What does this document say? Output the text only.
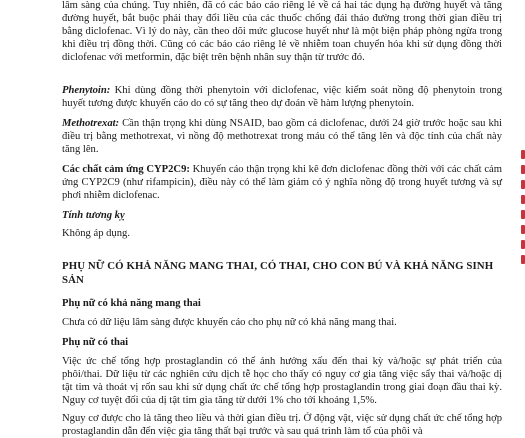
lâm sàng của chúng. Tuy nhiên, đã có các báo cáo riêng lẻ về cả hai tác dụng hạ đường huyết và tăng đường huyết, bắt buộc phải thay đổi liều của các thuốc chống đái tháo đường trong thời gian điều trị bằng diclofenac. Vì lý do này, cần theo dõi mức glucose huyết như là một biện pháp phòng ngừa trong khi điều trị đồng thời. Cũng có các báo cáo riêng lẻ về nhiễm toan chuyển hóa khi sử dụng đồng thời diclofenac với metformin, đặc biệt trên bệnh nhân suy thận từ trước đó.

Phenytoin: Khi dùng đồng thời phenytoin với diclofenac, việc kiểm soát nồng độ phenytoin trong huyết tương được khuyến cáo do có sự tăng theo dự đoán về hàm lượng phenytoin.

Methotrexat: Cần thận trọng khi dùng NSAID, bao gồm cả diclofenac, dưới 24 giờ trước hoặc sau khi điều trị bằng methotrexat, vì nồng độ methotrexat trong máu có thể tăng lên và độc tính của chất này tăng lên.

Các chất cảm ứng CYP2C9: Khuyến cáo thận trọng khi kê đơn diclofenac đồng thời với các chất cảm ứng CYP2C9 (như rifampicin), điều này có thể làm giảm có ý nghĩa nồng độ trong huyết tương và sự phơi nhiễm diclofenac.

Tính tương kỵ

Không áp dụng.

PHỤ NỮ CÓ KHẢ NĂNG MANG THAI, CÓ THAI, CHO CON BÚ VÀ KHẢ NĂNG SINH SẢN

Phụ nữ có khả năng mang thai

Chưa có dữ liệu lâm sàng được khuyến cáo cho phụ nữ có khả năng mang thai.

Phụ nữ có thai

Việc ức chế tổng hợp prostaglandin có thể ảnh hưởng xấu đến thai kỳ và/hoặc sự phát triển của phôi/thai. Dữ liệu từ các nghiên cứu dịch tễ học cho thấy có nguy cơ gia tăng việc sẩy thai và/hoặc dị tật tim và thoát vị rốn sau khi sử dụng chất ức chế tổng hợp prostaglandin trong giai đoạn đầu thai kỳ. Nguy cơ tuyệt đối của dị tật tim gia tăng từ dưới 1% cho tới khoảng 1,5%.

Nguy cơ được cho là tăng theo liều và thời gian điều trị. Ở động vật, việc sử dụng chất ức chế tổng hợp prostaglandin dẫn đến việc gia tăng thất bại trước và sau quá trình làm tổ của phôi và
